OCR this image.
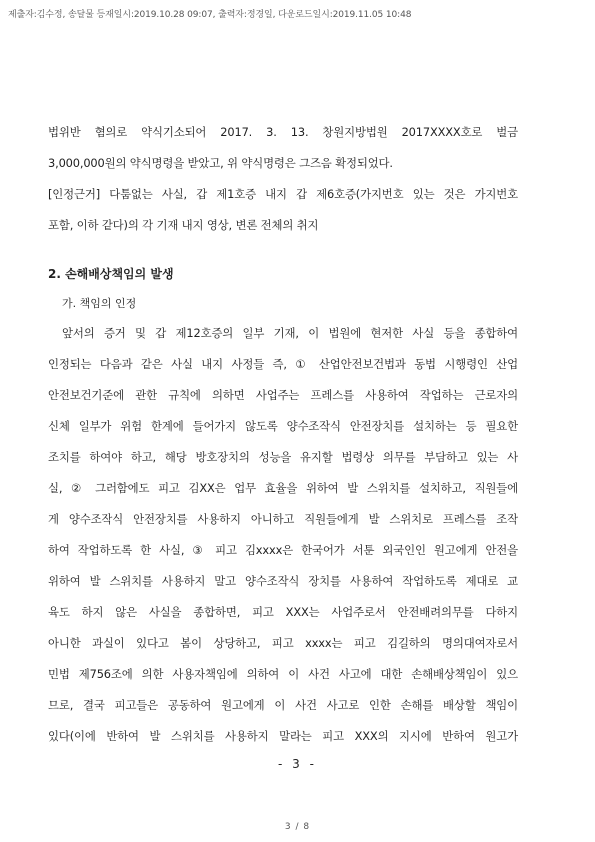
제출자:김수정, 송달물 등재일시:2019.10.28 09:07, 출력자:정경일, 다운로드일시:2019.11.05 10:48
법위반 혐의로 약식기소되어 2017. 3. 13. 창원지방법원 2017XXXX호로 벌금
3,000,000원의 약식명령을 받았고, 위 약식명령은 그즈음 확정되었다.
[인정근거] 다툼없는 사실, 갑 제1호증 내지 갑 제6호증(가지번호 있는 것은 가지번호
포함, 이하 같다)의 각 기재 내지 영상, 변론 전체의 취지
2. 손해배상책임의 발생
가. 책임의 인정
앞서의 증거 및 갑 제12호증의 일부 기재, 이 법원에 현저한 사실 등을 종합하여
인정되는 다음과 같은 사실 내지 사정들 즉, ① 산업안전보건법과 동법 시행령인 산업
안전보건기준에 관한 규칙에 의하면 사업주는 프레스를 사용하여 작업하는 근로자의
신체 일부가 위험 한계에 들어가지 않도록 양수조작식 안전장치를 설치하는 등 필요한
조치를 하여야 하고, 해당 방호장치의 성능을 유지할 법령상 의무를 부담하고 있는 사
실, ② 그러함에도 피고 김XX은 업무 효율을 위하여 발 스위치를 설치하고, 직원들에
게 양수조작식 안전장치를 사용하지 아니하고 직원들에게 발 스위치로 프레스를 조작
하여 작업하도록 한 사실, ③ 피고 김xxxx은 한국어가 서툰 외국인인 원고에게 안전을
위하여 발 스위치를 사용하지 말고 양수조작식 장치를 사용하여 작업하도록 제대로 교
육도 하지 않은 사실을 종합하면, 피고 XXX는 사업주로서 안전배려의무를 다하지
아니한 과실이 있다고 봄이 상당하고, 피고 xxxx는 피고 김길하의 명의대여자로서
민법 제756조에 의한 사용자책임에 의하여 이 사건 사고에 대한 손해배상책임이 있으
므로, 결국 피고들은 공동하여 원고에게 이 사건 사고로 인한 손해를 배상할 책임이
있다(이에 반하여 발 스위치를 사용하지 말라는 피고 XXX의 지시에 반하여 원고가
- 3 -
3 / 8
